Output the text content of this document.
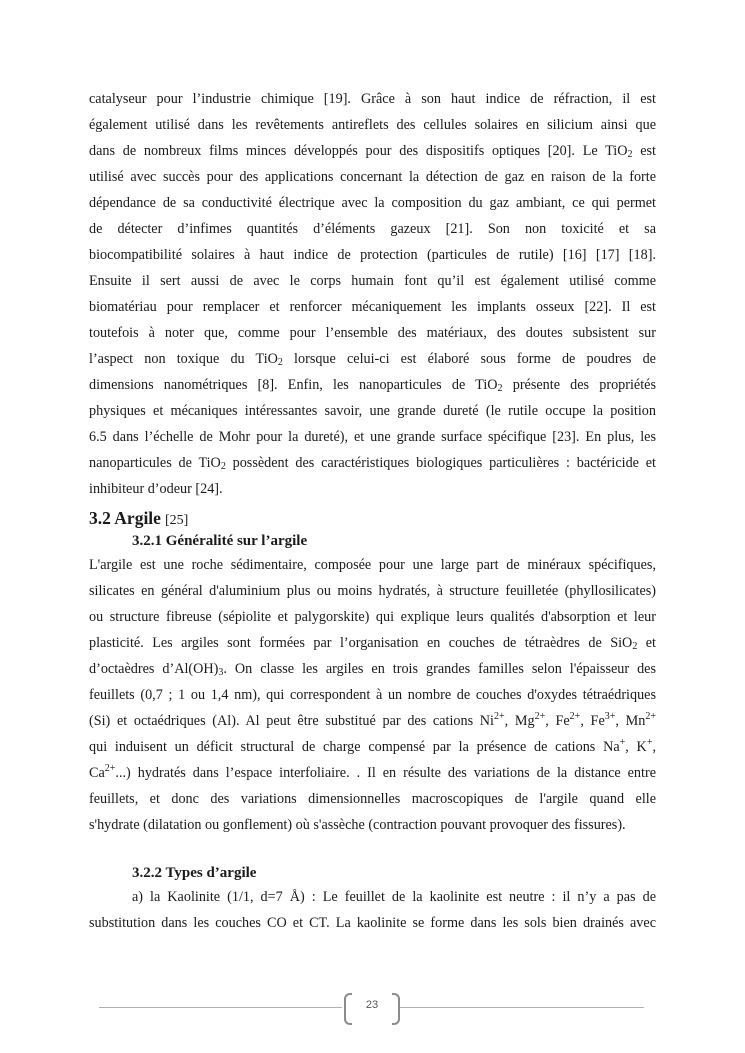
catalyseur pour l’industrie chimique [19]. Grâce à son haut indice de réfraction, il est
également utilisé dans les revêtements antireflets des cellules solaires en silicium ainsi que
dans de nombreux films minces développés pour des dispositifs optiques [20]. Le TiO$_2$ est
utilisé avec succès pour des applications concernant la détection de gaz en raison de la forte
dépendance de sa conductivité électrique avec la composition du gaz ambiant, ce qui permet
de détecter d’infimes quantités d’éléments gazeux [21]. Son non toxicité et sa
biocompatibilité solaires à haut indice de protection (particules de rutile) [16] [17] [18].
Ensuite il sert aussi de avec le corps humain font qu’il est également utilisé comme
biomatériau pour remplacer et renforcer mécaniquement les implants osseux [22]. Il est
toutefois à noter que, comme pour l’ensemble des matériaux, des doutes subsistent sur
l’aspect non toxique du TiO$_2$ lorsque celui-ci est élaboré sous forme de poudres de
dimensions nanométriques [8]. Enfin, les nanoparticules de TiO$_2$ présente des propriétés
physiques et mécaniques intéressantes savoir, une grande dureté (le rutile occupe la position
6.5 dans l’échelle de Mohr pour la dureté), et une grande surface spécifique [23]. En plus, les
nanoparticules de TiO$_2$ possèdent des caractéristiques biologiques particulières : bactéricide et
inhibiteur d’odeur [24].
3.2 Argile [25]
3.2.1 Généralité sur l’argile
L'argile est une roche sédimentaire, composée pour une large part de minéraux spécifiques,
silicates en général d'aluminium plus ou moins hydratés, à structure feuilletée (phyllosilicates)
ou structure fibreuse (sépiolite et palygorskite) qui explique leurs qualités d'absorption et leur
plasticité. Les argiles sont formées par l’organisation en couches de tétraèdres de SiO$_2$ et
d’octaèdres $d’Al(OH)_3$. On classe les argiles en trois grandes familles selon l'épaisseur des
feuillets (0,7 ; 1 ou 1,4 nm), qui correspondent à un nombre de couches d'oxydes tétraédriques
(Si) et octaédriques (Al). Al peut être substitué par des cations $Ni^{2+}$, $Mg^{2+}$, $Fe^{2+}$, $Fe^{3+}$, $Mn^{2+}$
qui induisent un déficit structural de charge compensé par la présence de cations Na+, K+,
$Ca^{2+}$...) hydratés dans l’espace interfoliaire. . Il en résulte des variations de la distance entre
feuillets, et donc des variations dimensionnelles macroscopiques de l'argile quand elle
s'hydrate (dilatation ou gonflement) où s'assèche (contraction pouvant provoquer des fissures).
3.2.2 Types d’argile
a) la Kaolinite (1/1, d=7 Å) : Le feuillet de la kaolinite est neutre : il n’y a pas de
substitution dans les couches CO et CT. La kaolinite se forme dans les sols bien drainés avec
23
